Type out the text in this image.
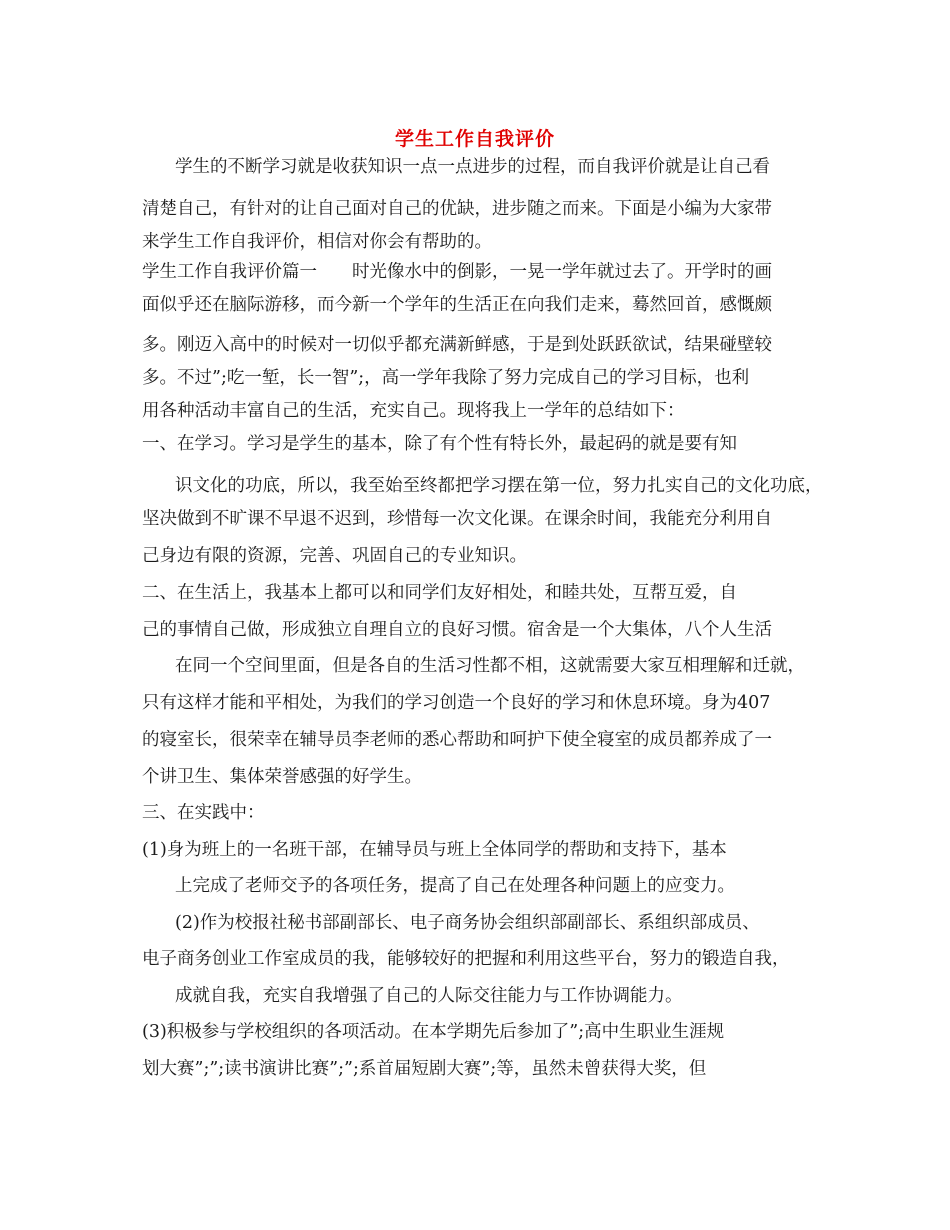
学生工作自我评价
学生的不断学习就是收获知识一点一点进步的过程，而自我评价就是让自己看
清楚自己，有针对的让自己面对自己的优缺，进步随之而来。下面是小编为大家带
来学生工作自我评价，相信对你会有帮助的。
学生工作自我评价篇一　　时光像水中的倒影，一晃一学年就过去了。开学时的画
面似乎还在脑际游移，而今新一个学年的生活正在向我们走来，蓦然回首，感慨颇
多。刚迈入高中的时候对一切似乎都充满新鲜感，于是到处跃跃欲试，结果碰壁较
多。不过”;吃一堑，长一智”;，高一学年我除了努力完成自己的学习目标，也利
用各种活动丰富自己的生活，充实自己。现将我上一学年的总结如下：
一、在学习。学习是学生的基本，除了有个性有特长外，最起码的就是要有知
识文化的功底，所以，我至始至终都把学习摆在第一位，努力扎实自己的文化功底，
坚决做到不旷课不早退不迟到，珍惜每一次文化课。在课余时间，我能充分利用自
己身边有限的资源，完善、巩固自己的专业知识。
二、在生活上，我基本上都可以和同学们友好相处，和睦共处，互帮互爱，自
己的事情自己做，形成独立自理自立的良好习惯。宿舍是一个大集体，八个人生活
在同一个空间里面，但是各自的生活习性都不相，这就需要大家互相理解和迁就，
只有这样才能和平相处，为我们的学习创造一个良好的学习和休息环境。身为407
的寝室长，很荣幸在辅导员李老师的悉心帮助和呵护下使全寝室的成员都养成了一
个讲卫生、集体荣誉感强的好学生。
三、在实践中：
(1)身为班上的一名班干部，在辅导员与班上全体同学的帮助和支持下，基本
上完成了老师交予的各项任务，提高了自己在处理各种问题上的应变力。
(2)作为校报社秘书部副部长、电子商务协会组织部副部长、系组织部成员、
电子商务创业工作室成员的我，能够较好的把握和利用这些平台，努力的锻造自我，
成就自我，充实自我增强了自己的人际交往能力与工作协调能力。
(3)积极参与学校组织的各项活动。在本学期先后参加了”;高中生职业生涯规
划大赛”;”;读书演讲比赛”;”;系首届短剧大赛”;等，虽然未曾获得大奖，但
